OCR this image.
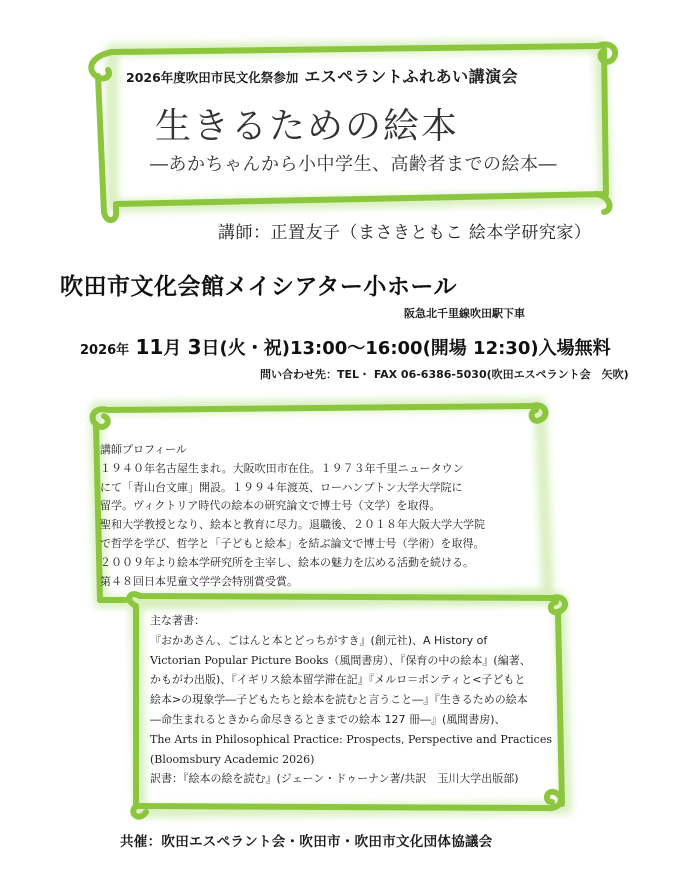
2026年度吹田市民文化祭参加 エスペラントふれあい講演会
生きるための絵本
―あかちゃんから小中学生、高齢者までの絵本―
講師：正置友子（まさきともこ 絵本学研究家）
吹田市文化会館メイシアター小ホール
阪急北千里線吹田駅下車
2026年 11月 3日(火・祝)13:00～16:00(開場 12:30)入場無料
問い合わせ先：TEL・ FAX 06-6386-5030(吹田エスペラント会　矢吹)

講師プロフィール

１９４０年名古屋生まれ。大阪吹田市在住。１９７３年千里ニュータウン

にて「青山台文庫」開設。１９９４年渡英、ローハンプトン大学大学院に

留学。ヴィクトリア時代の絵本の研究論文で博士号（文学）を取得。

聖和大学教授となり、絵本と教育に尽力。退職後、２０１８年大阪大学大学院

で哲学を学び、哲学と「子どもと絵本」を結ぶ論文で博士号（学術）を取得。

２００９年より絵本学研究所を主宰し、絵本の魅力を広める活動を続ける。

第４８回日本児童文学学会特別賞受賞。

主な著書：

『おかあさん、ごはんと本とどっちがすき』(創元社)、A History of

Victorian Popular Picture Books（風間書房）、『保育の中の絵本』(編著、

かもがわ出版)、『イギリス絵本留学滞在記』『メルロ＝ポンティと<子どもと

絵本>の現象学―子どもたちと絵本を読むと言うこと―』『生きるための絵本

―命生まれるときから命尽きるときまでの絵本 127 冊―』(風間書房)、

The Arts in Philosophical Practice: Prospects, Perspective and Practices

(Bloomsbury Academic 2026)

訳書：『絵本の絵を読む』(ジェーン・ドゥーナン著/共訳　玉川大学出版部)

共催：吹田エスペラント会・吹田市・吹田市文化団体協議会
